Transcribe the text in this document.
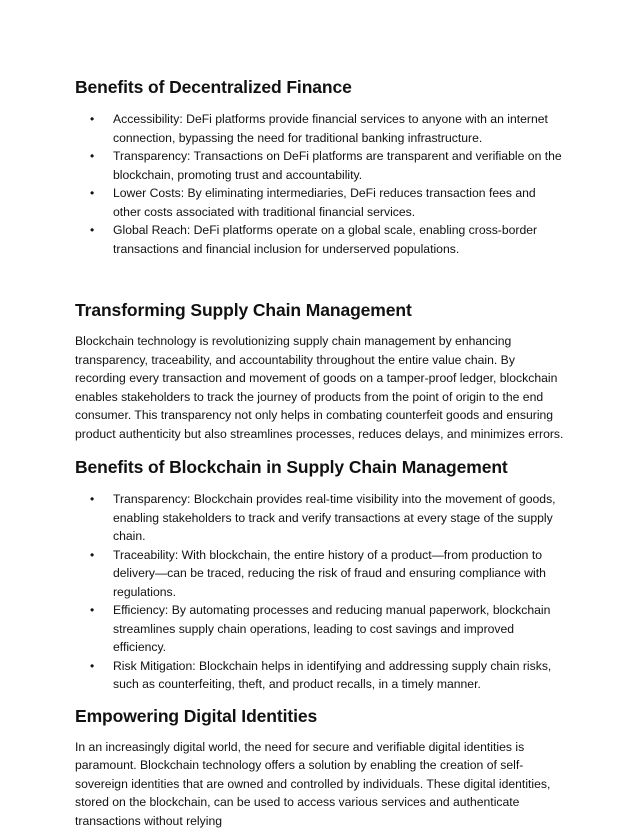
Benefits of Decentralized Finance
• Accessibility: DeFi platforms provide financial services to anyone with an internet connection, bypassing the need for traditional banking infrastructure.
• Transparency: Transactions on DeFi platforms are transparent and verifiable on the blockchain, promoting trust and accountability.
• Lower Costs: By eliminating intermediaries, DeFi reduces transaction fees and other costs associated with traditional financial services.
• Global Reach: DeFi platforms operate on a global scale, enabling cross-border transactions and financial inclusion for underserved populations.
Transforming Supply Chain Management

Blockchain technology is revolutionizing supply chain management by enhancing transparency, traceability, and accountability throughout the entire value chain. By recording every transaction and movement of goods on a tamper-proof ledger, blockchain enables stakeholders to track the journey of products from the point of origin to the end consumer. This transparency not only helps in combating counterfeit goods and ensuring product authenticity but also streamlines processes, reduces delays, and minimizes errors.

Benefits of Blockchain in Supply Chain Management
• Transparency: Blockchain provides real-time visibility into the movement of goods, enabling stakeholders to track and verify transactions at every stage of the supply chain.
• Traceability: With blockchain, the entire history of a product—from production to delivery—can be traced, reducing the risk of fraud and ensuring compliance with regulations.
• Efficiency: By automating processes and reducing manual paperwork, blockchain streamlines supply chain operations, leading to cost savings and improved efficiency.
• Risk Mitigation: Blockchain helps in identifying and addressing supply chain risks, such as counterfeiting, theft, and product recalls, in a timely manner.
Empowering Digital Identities

In an increasingly digital world, the need for secure and verifiable digital identities is paramount. Blockchain technology offers a solution by enabling the creation of self-sovereign identities that are owned and controlled by individuals. These digital identities, stored on the blockchain, can be used to access various services and authenticate transactions without relying
